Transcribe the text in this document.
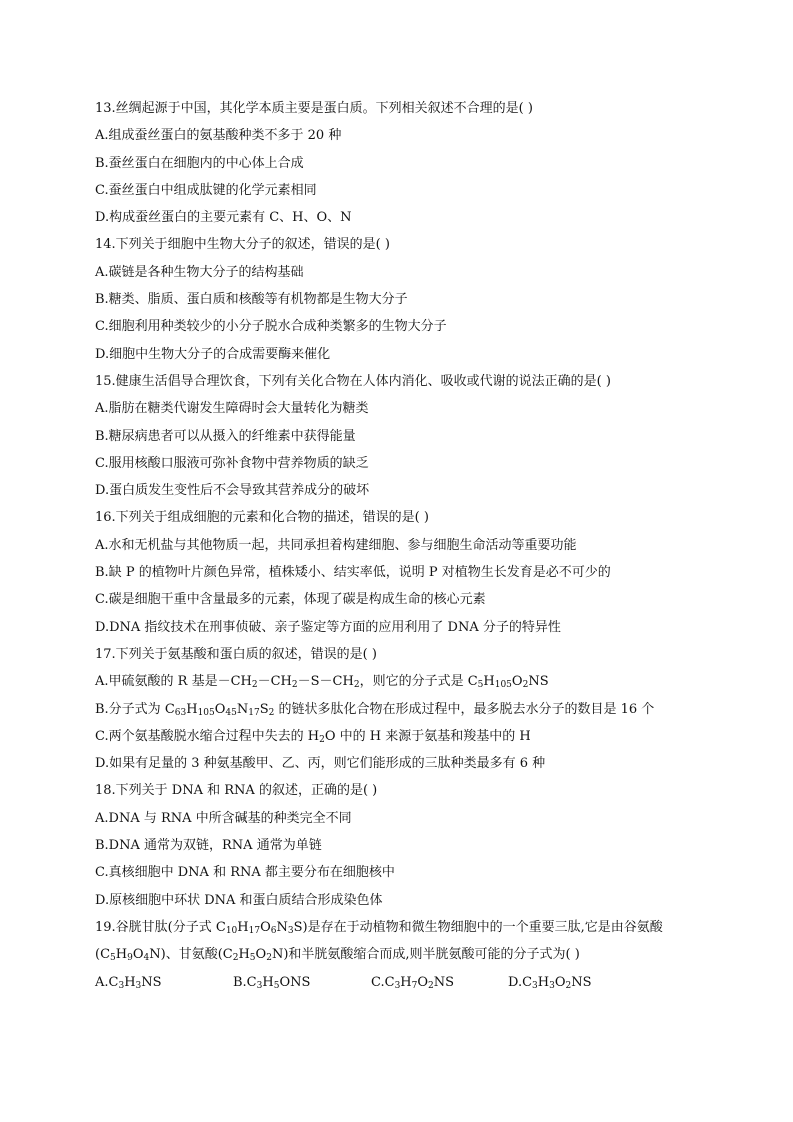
13.丝绸起源于中国，其化学本质主要是蛋白质。下列相关叙述不合理的是( )
A.组成蚕丝蛋白的氨基酸种类不多于 20 种
B.蚕丝蛋白在细胞内的中心体上合成
C.蚕丝蛋白中组成肽键的化学元素相同
D.构成蚕丝蛋白的主要元素有 C、H、O、N
14.下列关于细胞中生物大分子的叙述，错误的是( )
A.碳链是各种生物大分子的结构基础
B.糖类、脂质、蛋白质和核酸等有机物都是生物大分子
C.细胞利用种类较少的小分子脱水合成种类繁多的生物大分子
D.细胞中生物大分子的合成需要酶来催化
15.健康生活倡导合理饮食，下列有关化合物在人体内消化、吸收或代谢的说法正确的是( )
A.脂肪在糖类代谢发生障碍时会大量转化为糖类
B.糖尿病患者可以从摄入的纤维素中获得能量
C.服用核酸口服液可弥补食物中营养物质的缺乏
D.蛋白质发生变性后不会导致其营养成分的破坏
16.下列关于组成细胞的元素和化合物的描述，错误的是( )
A.水和无机盐与其他物质一起，共同承担着构建细胞、参与细胞生命活动等重要功能
B.缺 P 的植物叶片颜色异常，植株矮小、结实率低，说明 P 对植物生长发育是必不可少的
C.碳是细胞干重中含量最多的元素，体现了碳是构成生命的核心元素
D.DNA 指纹技术在刑事侦破、亲子鉴定等方面的应用利用了 DNA 分子的特异性
17.下列关于氨基酸和蛋白质的叙述，错误的是( )
A.甲硫氨酸的 R 基是$-CH_2-CH_2-S-CH_2$，则它的分子式是 $C_5H_{105}O_2NS$
B.分子式为 $C_{63}H_{105}O_{45}N_{17}S_2$ 的链状多肽化合物在形成过程中，最多脱去水分子的数目是 16 个
C.两个氨基酸脱水缩合过程中失去的 $H_2O$ 中的 H 来源于氨基和羧基中的 H
D.如果有足量的 3 种氨基酸甲、乙、丙，则它们能形成的三肽种类最多有 6 种
18.下列关于 DNA 和 RNA 的叙述，正确的是( )
A.DNA 与 RNA 中所含碱基的种类完全不同
B.DNA 通常为双链，RNA 通常为单链
C.真核细胞中 DNA 和 RNA 都主要分布在细胞核中
D.原核细胞中环状 DNA 和蛋白质结合形成染色体
19.谷胱甘肽(分子式 $C_{10}H_{17}O_6N_3S$)是存在于动植物和微生物细胞中的一个重要三肽,它是由谷氨酸
$(C_5H_9O_4N)$、甘氨酸$(C_2H_5O_2N)$和半胱氨酸缩合而成,则半胱氨酸可能的分子式为( )
$A.C_3H_3NS$	$B.C_3H_5ONS$	$C.C_3H_7O_2NS$	$D.C_3H_3O_2NS$
